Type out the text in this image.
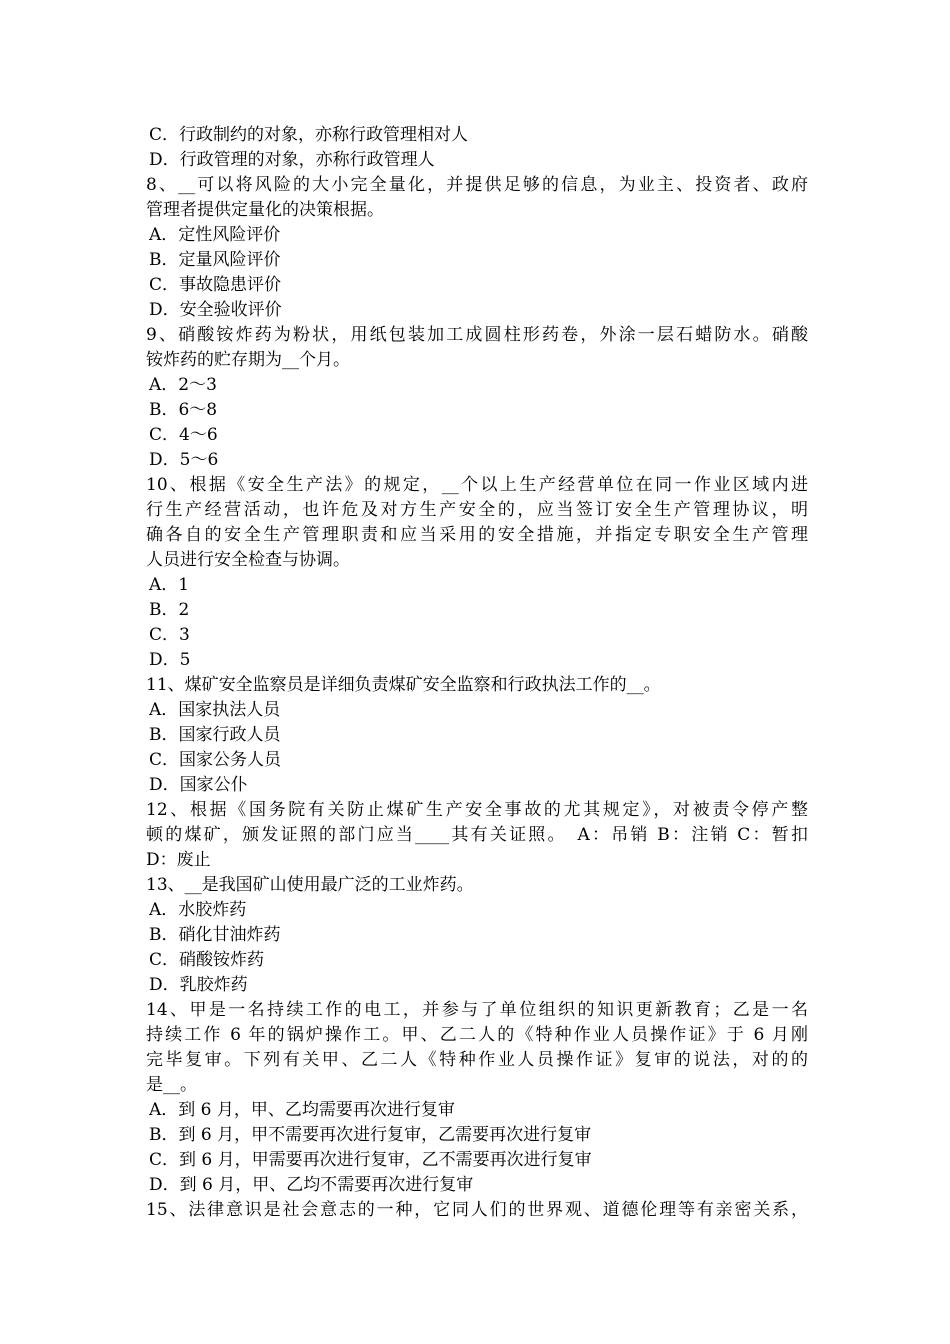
C．行政制约的对象，亦称行政管理相对人
D．行政管理的对象，亦称行政管理人
8、__可以将风险的大小完全量化，并提供足够的信息，为业主、投资者、政府
管理者提供定量化的决策根据。
A．定性风险评价
B．定量风险评价
C．事故隐患评价
D．安全验收评价
9、硝酸铵炸药为粉状，用纸包装加工成圆柱形药卷，外涂一层石蜡防水。硝酸
铵炸药的贮存期为__个月。
A．2～3
B．6～8
C．4～6
D．5～6
10、根据《安全生产法》的规定，__个以上生产经营单位在同一作业区域内进
行生产经营活动，也许危及对方生产安全的，应当签订安全生产管理协议，明
确各自的安全生产管理职责和应当采用的安全措施，并指定专职安全生产管理
人员进行安全检查与协调。
A．1
B．2
C．3
D．5
11、煤矿安全监察员是详细负责煤矿安全监察和行政执法工作的__。
A．国家执法人员
B．国家行政人员
C．国家公务人员
D．国家公仆
12、根据《国务院有关防止煤矿生产安全事故的尤其规定》，对被责令停产整
顿的煤矿，颁发证照的部门应当____其有关证照。　A：吊销 B：注销 C：暂扣
D：废止
13、__是我国矿山使用最广泛的工业炸药。
A．水胶炸药
B．硝化甘油炸药
C．硝酸铵炸药
D．乳胶炸药
14、甲是一名持续工作的电工，并参与了单位组织的知识更新教育；乙是一名
持续工作 6 年的锅炉操作工。甲、乙二人的《特种作业人员操作证》于 6 月刚
完毕复审。下列有关甲、乙二人《特种作业人员操作证》复审的说法，对的的
是__。
A．到 6 月，甲、乙均需要再次进行复审
B．到 6 月，甲不需要再次进行复审，乙需要再次进行复审
C．到 6 月，甲需要再次进行复审，乙不需要再次进行复审
D．到 6 月，甲、乙均不需要再次进行复审
15、法律意识是社会意志的一种，它同人们的世界观、道德伦理等有亲密关系，
